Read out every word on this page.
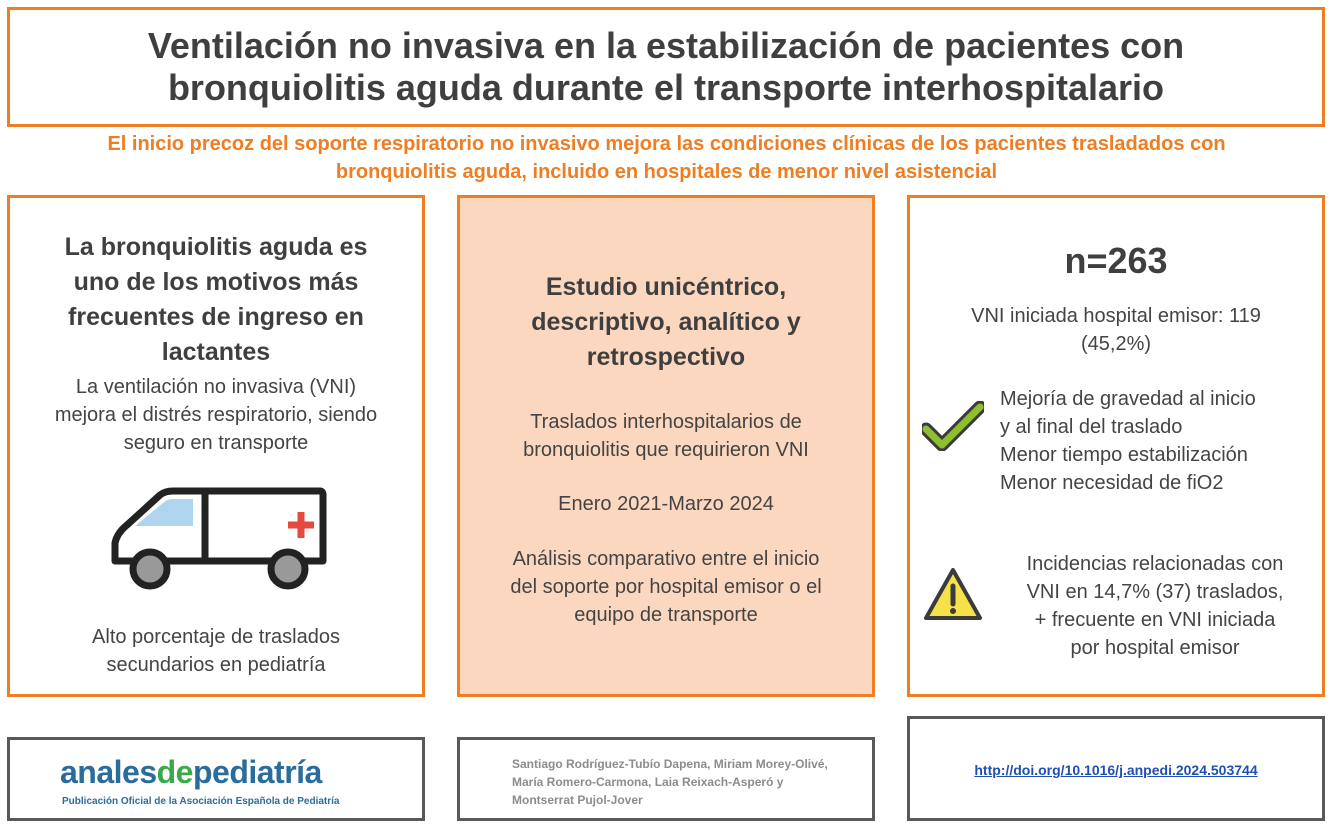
Ventilación no invasiva en la estabilización de pacientes con
bronquiolitis aguda durante el transporte interhospitalario
El inicio precoz del soporte respiratorio no invasivo mejora las condiciones clínicas de los pacientes trasladados con
bronquiolitis aguda, incluido en hospitales de menor nivel asistencial
La bronquiolitis aguda es
uno de los motivos más
frecuentes de ingreso en
lactantes
La ventilación no invasiva (VNI)
mejora el distrés respiratorio, siendo
seguro en transporte
Alto porcentaje de traslados
secundarios en pediatría
Estudio unicéntrico,
descriptivo, analítico y
retrospectivo
Traslados interhospitalarios de
bronquiolitis que requirieron VNI
Enero 2021-Marzo 2024
Análisis comparativo entre el inicio
del soporte por hospital emisor o el
equipo de transporte
n=263
VNI iniciada hospital emisor: 119
(45,2%)
Mejoría de gravedad al inicio
y al final del traslado
Menor tiempo estabilización
Menor necesidad de fiO2
Incidencias relacionadas con
VNI en 14,7% (37) traslados,
+ frecuente en VNI iniciada
por hospital emisor
analesdepediatría
Publicación Oficial de la Asociación Española de Pediatría
Santiago Rodríguez-Tubío Dapena, Miriam Morey-Olivé,
María Romero-Carmona, Laia Reixach-Asperó y
Montserrat Pujol-Jover
http://doi.org/10.1016/j.anpedi.2024.503744
